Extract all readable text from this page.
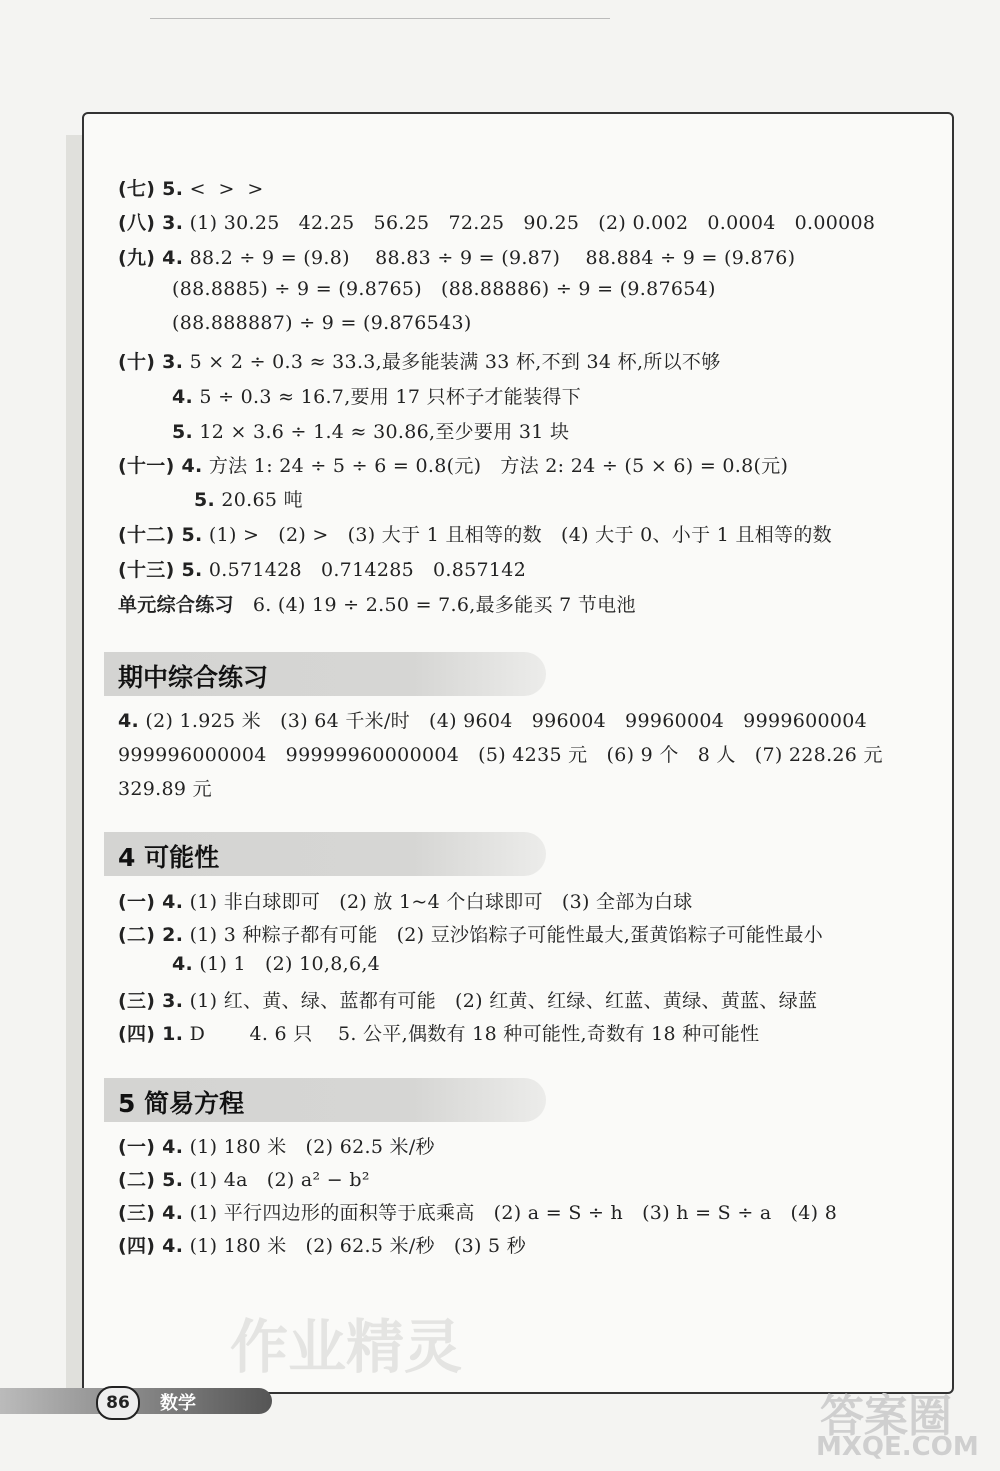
(七) 5. <  >  >
(八) 3. (1) 30.25   42.25   56.25   72.25   90.25   (2) 0.002   0.0004   0.00008
(九) 4. 88.2 ÷ 9 = (9.8)    88.83 ÷ 9 = (9.87)    88.884 ÷ 9 = (9.876)
(88.8885) ÷ 9 = (9.8765)   (88.88886) ÷ 9 = (9.87654)
(88.888887) ÷ 9 = (9.876543)
(十) 3. 5 × 2 ÷ 0.3 ≈ 33.3,最多能装满 33 杯,不到 34 杯,所以不够
4. 5 ÷ 0.3 ≈ 16.7,要用 17 只杯子才能装得下
5. 12 × 3.6 ÷ 1.4 ≈ 30.86,至少要用 31 块
(十一) 4. 方法 1: 24 ÷ 5 ÷ 6 = 0.8(元)   方法 2: 24 ÷ (5 × 6) = 0.8(元)
5. 20.65 吨
(十二) 5. (1) >   (2) >   (3) 大于 1 且相等的数   (4) 大于 0、小于 1 且相等的数
(十三) 5. 0.571428̇   0.714285̇   0.857142̇
单元综合练习   6. (4) 19 ÷ 2.50 = 7.6,最多能买 7 节电池
期中综合练习
4. (2) 1.925 米   (3) 64 千米/时   (4) 9604   996004   99960004   9999600004
999996000004   99999960000004   (5) 4235 元   (6) 9 个   8 人   (7) 228.26 元
329.89 元
4 可能性
(一) 4. (1) 非白球即可   (2) 放 1~4 个白球即可   (3) 全部为白球
(二) 2. (1) 3 种粽子都有可能   (2) 豆沙馅粽子可能性最大,蛋黄馅粽子可能性最小
4. (1) 1   (2) 10,8,6,4
(三) 3. (1) 红、黄、绿、蓝都有可能   (2) 红黄、红绿、红蓝、黄绿、黄蓝、绿蓝
(四) 1. D       4. 6 只    5. 公平,偶数有 18 种可能性,奇数有 18 种可能性
5 简易方程
(一) 4. (1) 180 米   (2) 62.5 米/秒
(二) 5. (1) 4a   (2) a² − b²
(三) 4. (1) 平行四边形的面积等于底乘高   (2) a = S ÷ h   (3) h = S ÷ a   (4) 8
(四) 4. (1) 180 米   (2) 62.5 米/秒   (3) 5 秒
作业精灵
86	数学	答案圈
MXQE.COM
